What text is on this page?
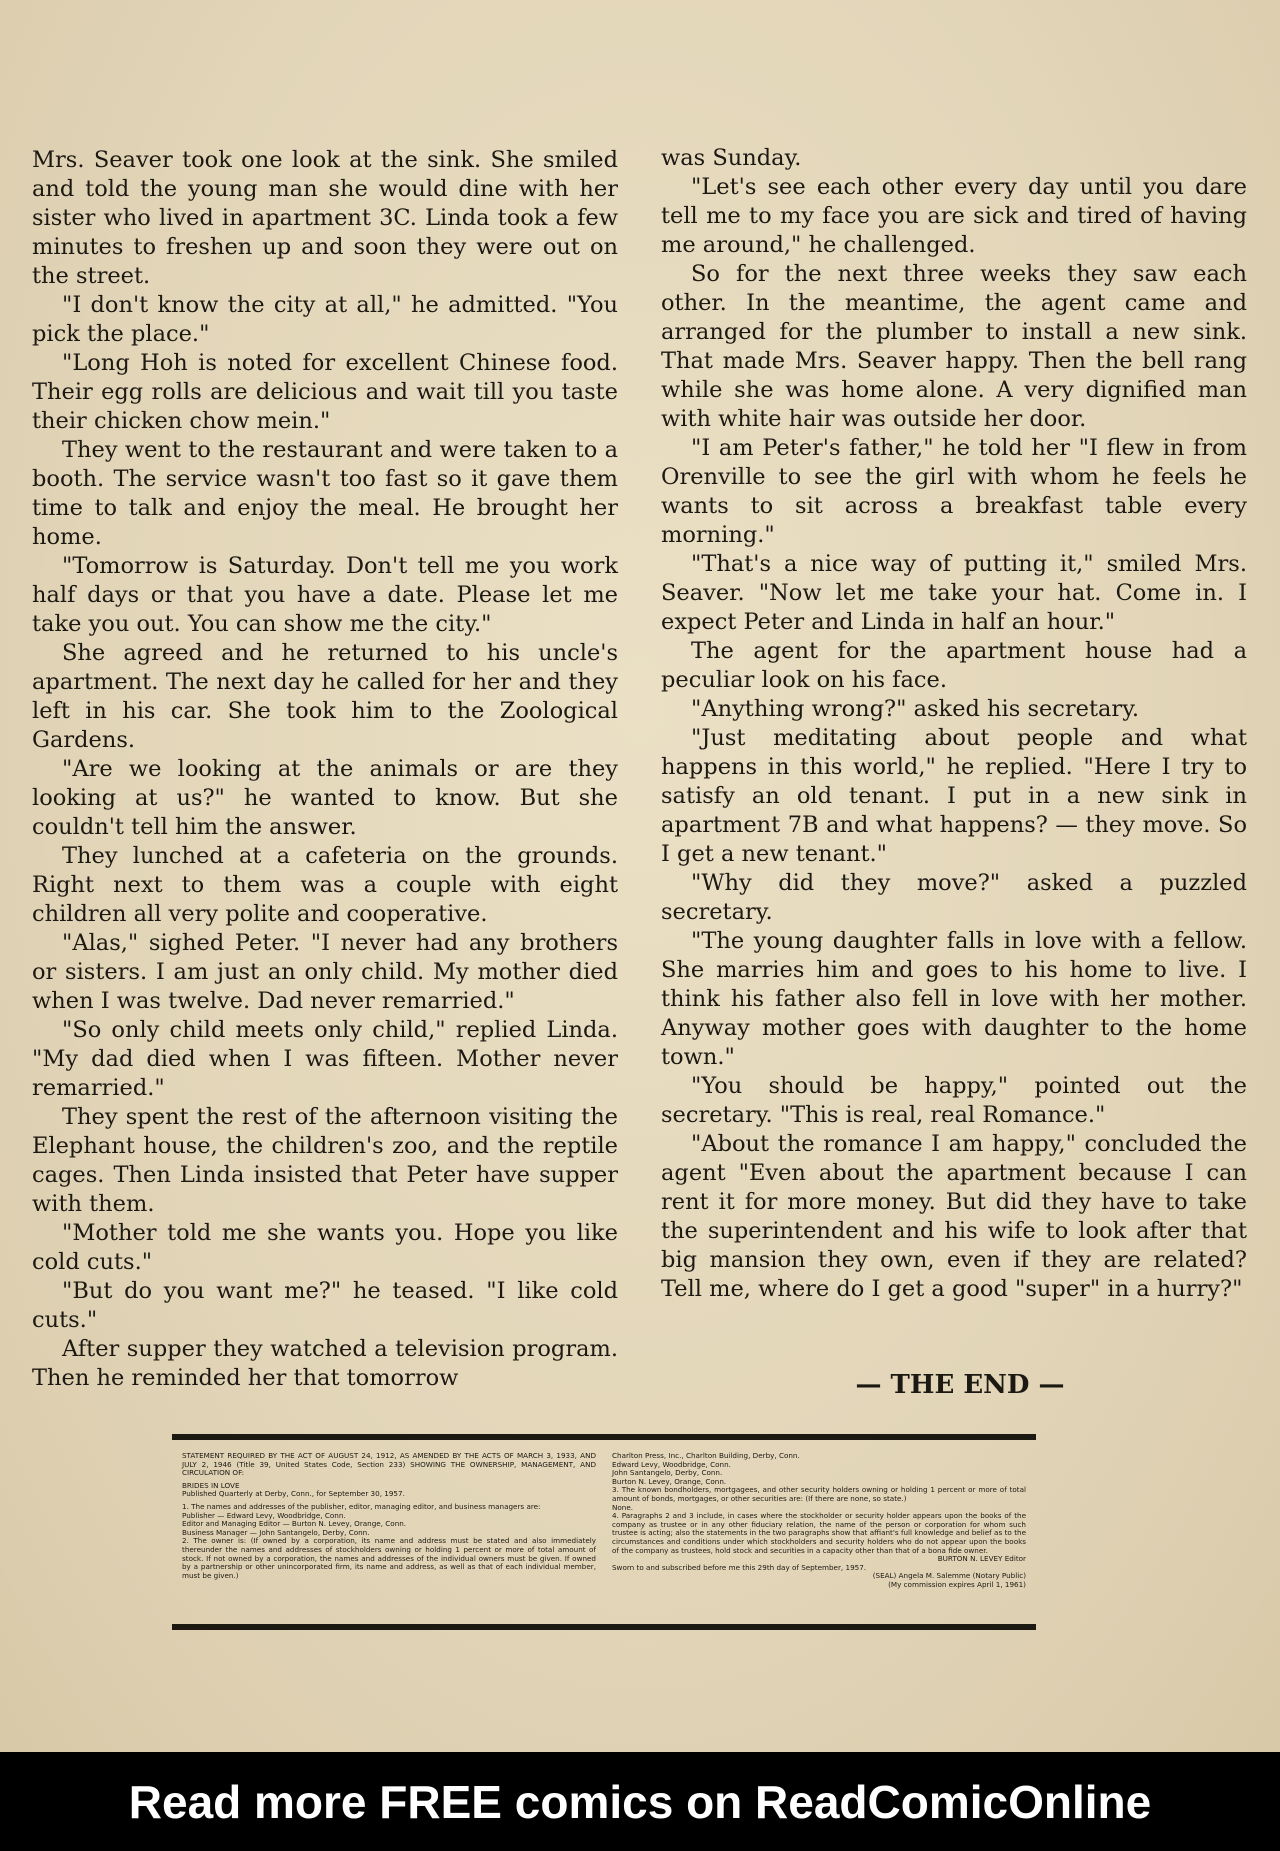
Mrs. Seaver took one look at the sink. She smiled and told the young man she would dine with her sister who lived in apartment 3C. Linda took a few minutes to freshen up and soon they were out on the street.

"I don't know the city at all," he admitted. "You pick the place."

"Long Hoh is noted for excellent Chinese food. Their egg rolls are delicious and wait till you taste their chicken chow mein."

They went to the restaurant and were taken to a booth. The service wasn't too fast so it gave them time to talk and enjoy the meal. He brought her home.

"Tomorrow is Saturday. Don't tell me you work half days or that you have a date. Please let me take you out. You can show me the city."

She agreed and he returned to his uncle's apartment. The next day he called for her and they left in his car. She took him to the Zoological Gardens.

"Are we looking at the animals or are they looking at us?" he wanted to know. But she couldn't tell him the answer.

They lunched at a cafeteria on the grounds. Right next to them was a couple with eight children all very polite and cooperative.

"Alas," sighed Peter. "I never had any brothers or sisters. I am just an only child. My mother died when I was twelve. Dad never remarried."

"So only child meets only child," replied Linda. "My dad died when I was fifteen. Mother never remarried."

They spent the rest of the afternoon visiting the Elephant house, the children's zoo, and the reptile cages. Then Linda insisted that Peter have supper with them.

"Mother told me she wants you. Hope you like cold cuts."

"But do you want me?" he teased. "I like cold cuts."

After supper they watched a television program. Then he reminded her that tomorrow

was Sunday.

"Let's see each other every day until you dare tell me to my face you are sick and tired of having me around," he challenged.

So for the next three weeks they saw each other. In the meantime, the agent came and arranged for the plumber to install a new sink. That made Mrs. Seaver happy. Then the bell rang while she was home alone. A very dignified man with white hair was outside her door.

"I am Peter's father," he told her "I flew in from Orenville to see the girl with whom he feels he wants to sit across a breakfast table every morning."

"That's a nice way of putting it," smiled Mrs. Seaver. "Now let me take your hat. Come in. I expect Peter and Linda in half an hour."

The agent for the apartment house had a peculiar look on his face.

"Anything wrong?" asked his secretary.

"Just meditating about people and what happens in this world," he replied. "Here I try to satisfy an old tenant. I put in a new sink in apartment 7B and what happens? — they move. So I get a new tenant."

"Why did they move?" asked a puzzled secretary.

"The young daughter falls in love with a fellow. She marries him and goes to his home to live. I think his father also fell in love with her mother. Anyway mother goes with daughter to the home town."

"You should be happy," pointed out the secretary. "This is real, real Romance."

"About the romance I am happy," concluded the agent "Even about the apartment because I can rent it for more money. But did they have to take the superintendent and his wife to look after that big mansion they own, even if they are related? Tell me, where do I get a good "super" in a hurry?"

— THE END —

STATEMENT REQUIRED BY THE ACT OF AUGUST 24, 1912, AS AMENDED BY THE ACTS OF MARCH 3, 1933, AND JULY 2, 1946 (Title 39, United States Code, Section 233) SHOWING THE OWNERSHIP, MANAGEMENT, AND CIRCULATION OF:

BRIDES IN LOVE

Published Quarterly at Derby, Conn., for September 30, 1957.

1. The names and addresses of the publisher, editor, managing editor, and business managers are:

Publisher — Edward Levy, Woodbridge, Conn.

Editor and Managing Editor — Burton N. Levey, Orange, Conn.

Business Manager — John Santangelo, Derby, Conn.

2. The owner is: (If owned by a corporation, its name and address must be stated and also immediately thereunder the names and addresses of stockholders owning or holding 1 percent or more of total amount of stock. If not owned by a corporation, the names and addresses of the individual owners must be given. If owned by a partnership or other unincorporated firm, its name and address, as well as that of each individual member, must be given.)

Charlton Press, Inc., Charlton Building, Derby, Conn.

Edward Levy, Woodbridge, Conn.

John Santangelo, Derby, Conn.

Burton N. Levey, Orange, Conn.

3. The known bondholders, mortgagees, and other security holders owning or holding 1 percent or more of total amount of bonds, mortgages, or other securities are: (If there are none, so state.)

None.

4. Paragraphs 2 and 3 include, in cases where the stockholder or security holder appears upon the books of the company as trustee or in any other fiduciary relation, the name of the person or corporation for whom such trustee is acting; also the statements in the two paragraphs show that affiant's full knowledge and belief as to the circumstances and conditions under which stockholders and security holders who do not appear upon the books of the company as trustees, hold stock and securities in a capacity other than that of a bona fide owner.

BURTON N. LEVEY Editor

Sworn to and subscribed before me this 29th day of September, 1957.

(SEAL) Angela M. Salemme (Notary Public)

(My commission expires April 1, 1961)

Read more FREE comics on ReadComicOnline
